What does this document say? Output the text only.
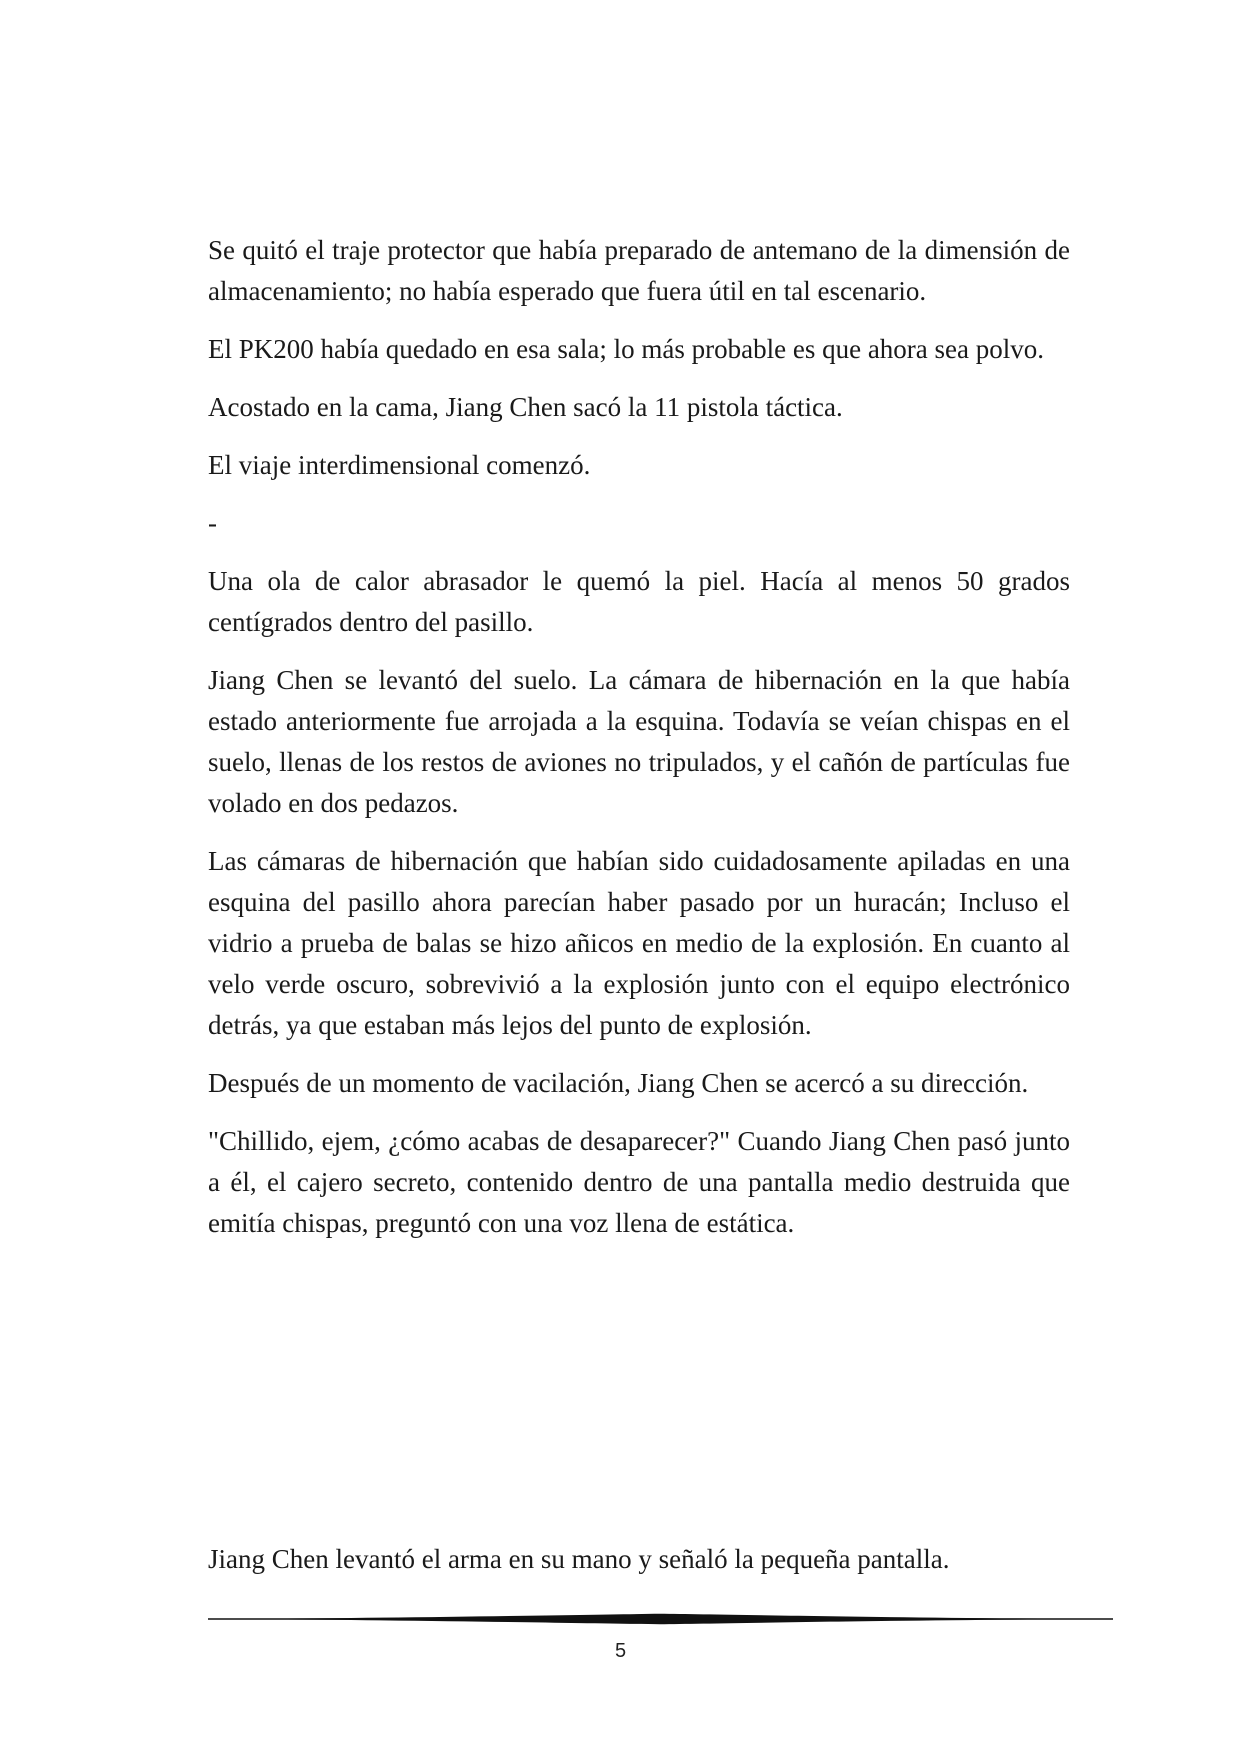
Se quitó el traje protector que había preparado de antemano de la dimensión de almacenamiento; no había esperado que fuera útil en tal escenario.

El PK200 había quedado en esa sala; lo más probable es que ahora sea polvo.

Acostado en la cama, Jiang Chen sacó la 11 pistola táctica.

El viaje interdimensional comenzó.

-

Una ola de calor abrasador le quemó la piel. Hacía al menos 50 grados centígrados dentro del pasillo.

Jiang Chen se levantó del suelo. La cámara de hibernación en la que había estado anteriormente fue arrojada a la esquina. Todavía se veían chispas en el suelo, llenas de los restos de aviones no tripulados, y el cañón de partículas fue volado en dos pedazos.

Las cámaras de hibernación que habían sido cuidadosamente apiladas en una esquina del pasillo ahora parecían haber pasado por un huracán; Incluso el vidrio a prueba de balas se hizo añicos en medio de la explosión. En cuanto al velo verde oscuro, sobrevivió a la explosión junto con el equipo electrónico detrás, ya que estaban más lejos del punto de explosión.

Después de un momento de vacilación, Jiang Chen se acercó a su dirección.

"Chillido, ejem, ¿cómo acabas de desaparecer?" Cuando Jiang Chen pasó junto a él, el cajero secreto, contenido dentro de una pantalla medio destruida que emitía chispas, preguntó con una voz llena de estática.

Jiang Chen levantó el arma en su mano y señaló la pequeña pantalla.

5
